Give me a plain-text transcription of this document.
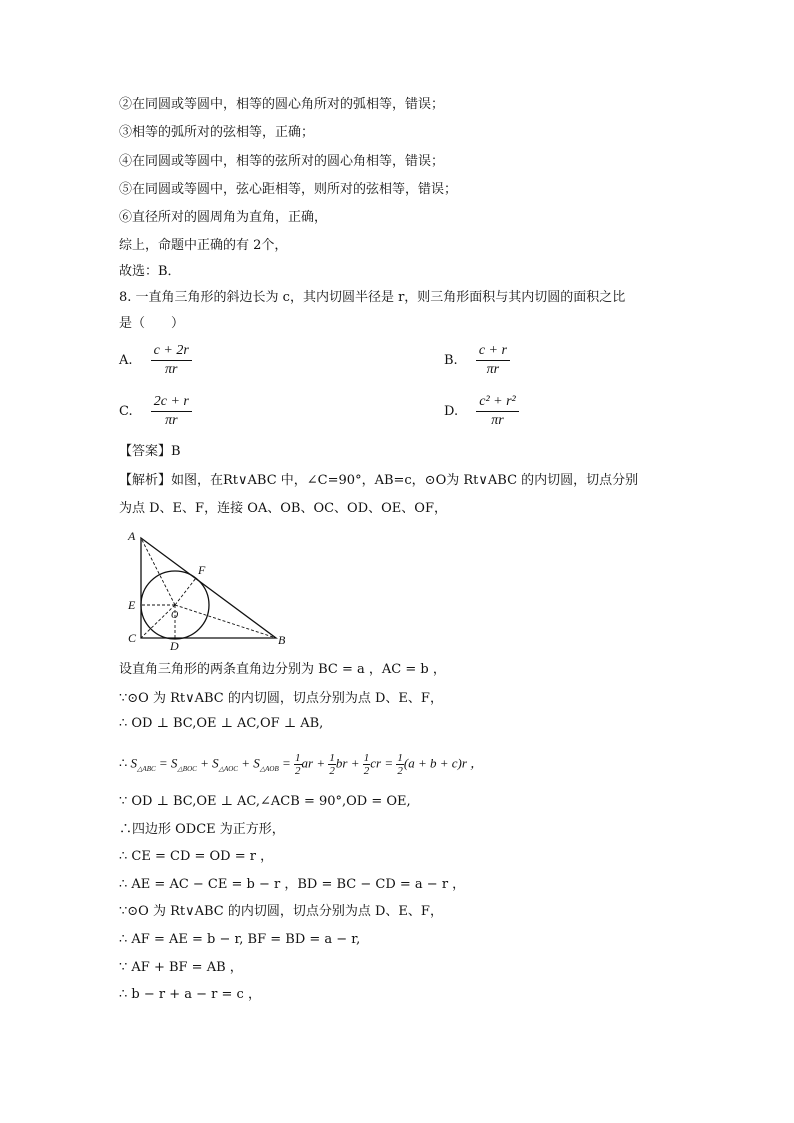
②在同圆或等圆中，相等的圆心角所对的弧相等，错误；
③相等的弧所对的弦相等，正确；
④在同圆或等圆中，相等的弦所对的圆心角相等，错误；
⑤在同圆或等圆中，弦心距相等，则所对的弦相等，错误；
⑥直径所对的圆周角为直角，正确，
综上，命题中正确的有 2个，
故选：B．
8. 一直角三角形的斜边长为 c，其内切圆半径是 r，则三角形面积与其内切圆的面积之比
是（　　）
A. $\frac{c + 2r}{\pi r}$	B. $\frac{c + r}{\pi r}$
C. $\frac{2c + r}{\pi r}$	D. $\frac{\text{c² + r²}}{\pi r}$
【答案】B
【解析】如图，在Rt∨ABC 中，∠C=90°，AB=c，⊙O为 Rt∨ABC 的内切圆，切点分别
为点 D、E、F，连接 OA、OB、OC、OD、OE、OF，
A
B
C
D
E
F
O
设直角三角形的两条直角边分别为 BC = a ，AC = b ，
∵⊙O 为 Rt∨ABC 的内切圆，切点分别为点 D、E、F，
∴ OD ⊥ BC,OE ⊥ AC,OF ⊥ AB,
∴ $S_{\triangle ABC} = S_{\triangle BOC} + S_{\triangle AOC} + S_{\triangle AOB} = \frac{1}{2}$ ar + $\frac{1}{2}$ br + $\frac{1}{2}$ cr = $\frac{1}{2} (a + b + c)r$ ，
∵ OD ⊥ BC,OE ⊥ AC,∠ACB = 90°,OD = OE,
∴四边形 ODCE 为正方形，
∴ CE = CD = OD = r ，
∴ AE = AC − CE = b − r ，BD = BC − CD = a − r ，
∵⊙O 为 Rt∨ABC 的内切圆，切点分别为点 D、E、F，
∴ AF = AE = b − r, BF = BD = a − r,
∵ AF + BF = AB ，
∴ b − r + a − r = c ，
